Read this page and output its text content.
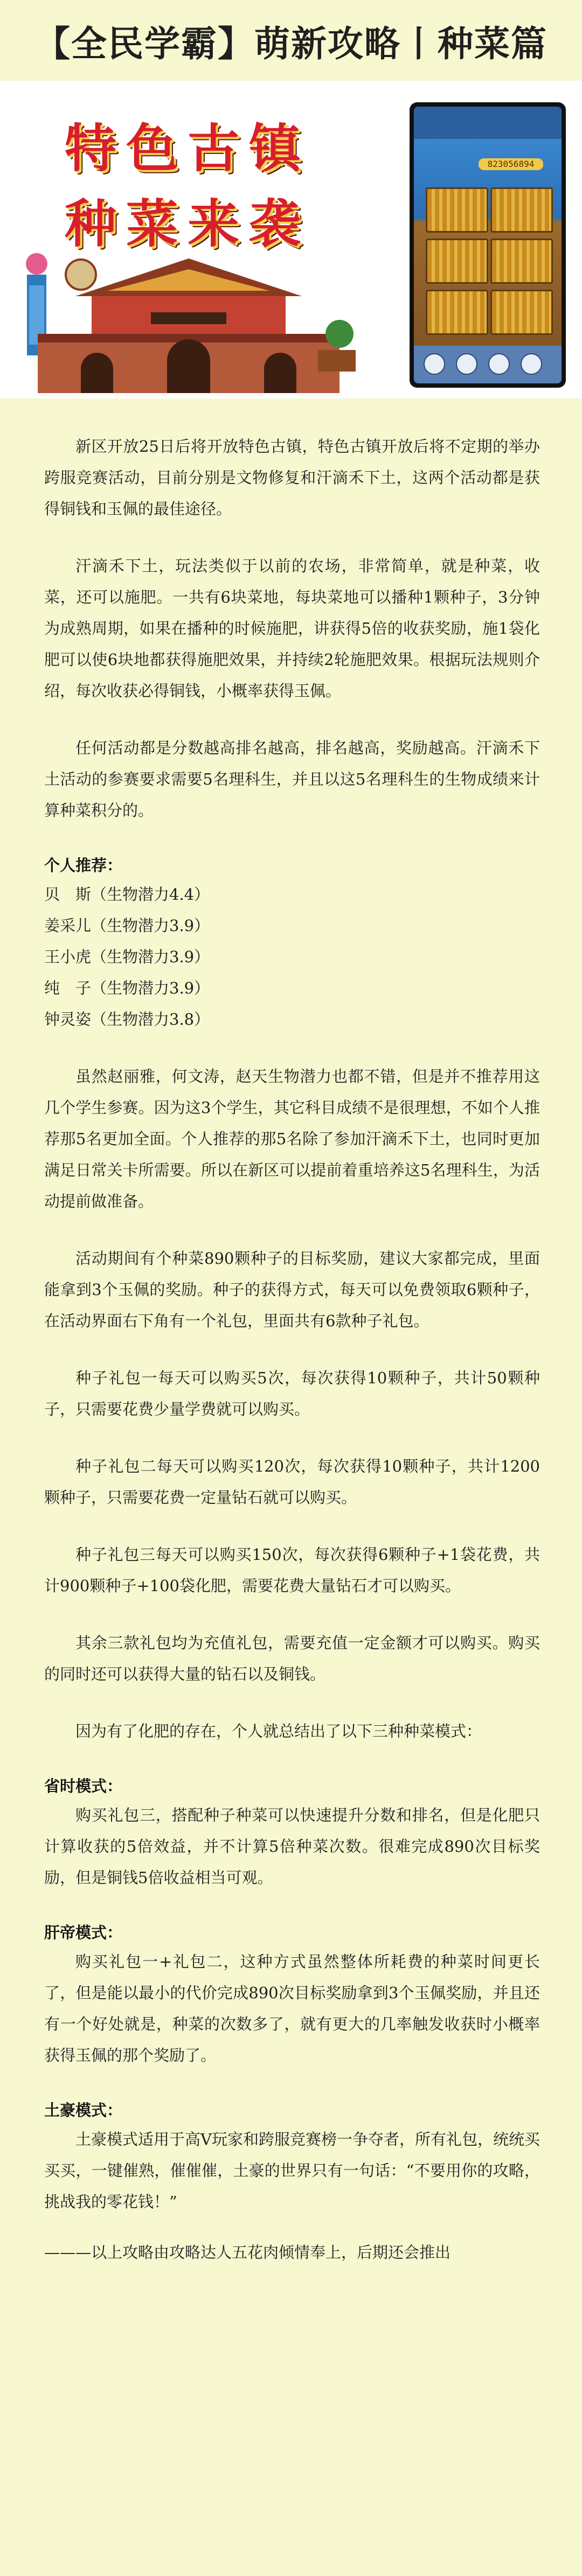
【全民学霸】萌新攻略丨种菜篇
特色古镇
种菜来袭
823056894

新区开放25日后将开放特色古镇，特色古镇开放后将不定期的举办跨服竞赛活动，目前分别是文物修复和汗滴禾下土，这两个活动都是获得铜钱和玉佩的最佳途径。

汗滴禾下土，玩法类似于以前的农场，非常简单，就是种菜，收菜，还可以施肥。一共有6块菜地，每块菜地可以播种1颗种子，3分钟为成熟周期，如果在播种的时候施肥，讲获得5倍的收获奖励，施1袋化肥可以使6块地都获得施肥效果，并持续2轮施肥效果。根据玩法规则介绍，每次收获必得铜钱，小概率获得玉佩。

任何活动都是分数越高排名越高，排名越高，奖励越高。汗滴禾下土活动的参赛要求需要5名理科生，并且以这5名理科生的生物成绩来计算种菜积分的。

个人推荐：

贝　斯（生物潜力4.4）

姜采儿（生物潜力3.9）

王小虎（生物潜力3.9）

纯　子（生物潜力3.9）

钟灵姿（生物潜力3.8）

虽然赵丽雅，何文涛，赵天生物潜力也都不错，但是并不推荐用这几个学生参赛。因为这3个学生，其它科目成绩不是很理想，不如个人推荐那5名更加全面。个人推荐的那5名除了参加汗滴禾下土，也同时更加满足日常关卡所需要。所以在新区可以提前着重培养这5名理科生，为活动提前做准备。

活动期间有个种菜890颗种子的目标奖励，建议大家都完成，里面能拿到3个玉佩的奖励。种子的获得方式，每天可以免费领取6颗种子，在活动界面右下角有一个礼包，里面共有6款种子礼包。

种子礼包一每天可以购买5次，每次获得10颗种子，共计50颗种子，只需要花费少量学费就可以购买。

种子礼包二每天可以购买120次，每次获得10颗种子，共计1200颗种子，只需要花费一定量钻石就可以购买。

种子礼包三每天可以购买150次，每次获得6颗种子+1袋花费，共计900颗种子+100袋化肥，需要花费大量钻石才可以购买。

其余三款礼包均为充值礼包，需要充值一定金额才可以购买。购买的同时还可以获得大量的钻石以及铜钱。

因为有了化肥的存在，个人就总结出了以下三种种菜模式：

省时模式：

购买礼包三，搭配种子种菜可以快速提升分数和排名，但是化肥只计算收获的5倍效益，并不计算5倍种菜次数。很难完成890次目标奖励，但是铜钱5倍收益相当可观。

肝帝模式：

购买礼包一+礼包二，这种方式虽然整体所耗费的种菜时间更长了，但是能以最小的代价完成890次目标奖励拿到3个玉佩奖励，并且还有一个好处就是，种菜的次数多了，就有更大的几率触发收获时小概率获得玉佩的那个奖励了。

土豪模式：

土豪模式适用于高V玩家和跨服竞赛榜一争夺者，所有礼包，统统买买买，一键催熟，催催催，土豪的世界只有一句话：“不要用你的攻略，挑战我的零花钱！”

———以上攻略由攻略达人五花肉倾情奉上，后期还会推出
